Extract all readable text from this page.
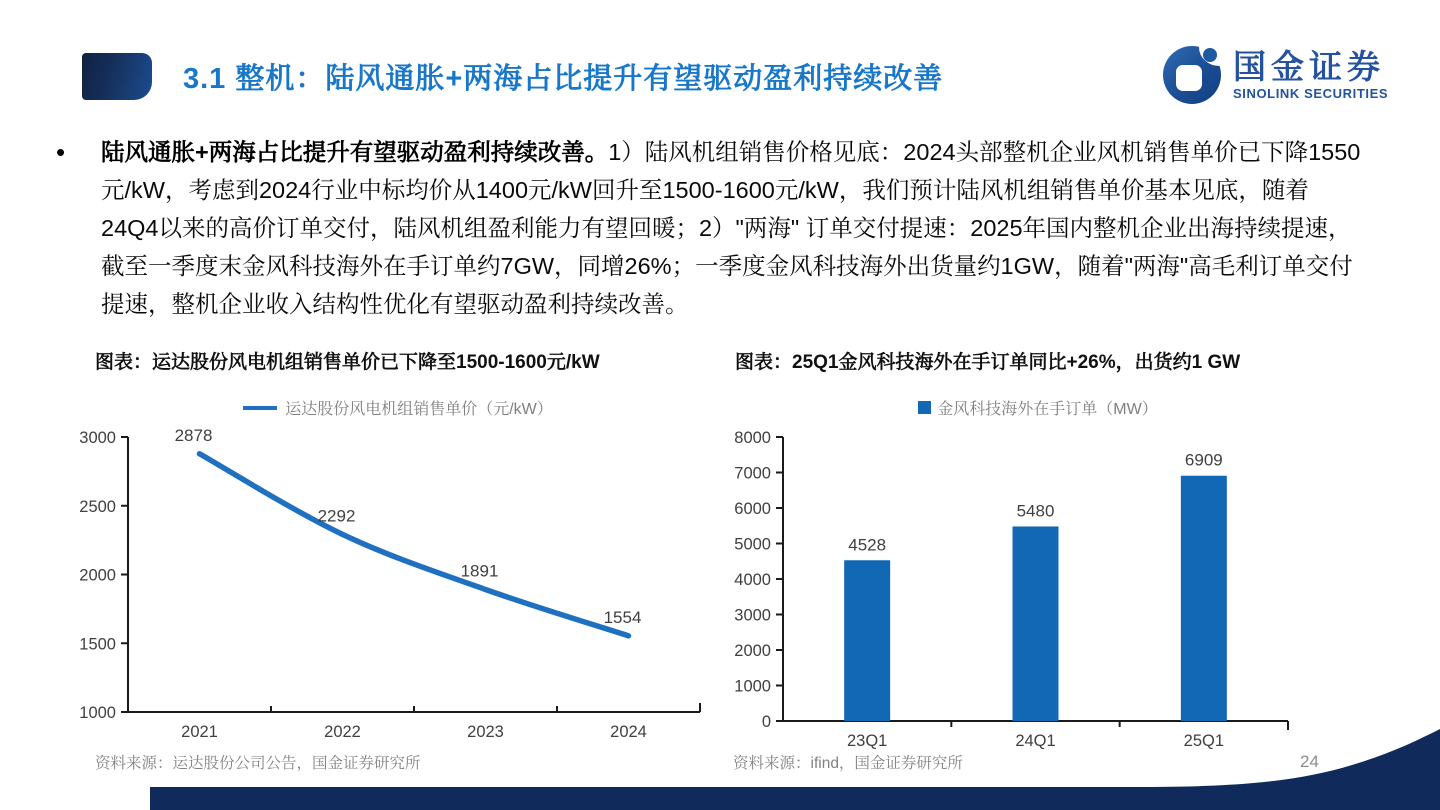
3.1 整机：陆风通胀+两海占比提升有望驱动盈利持续改善	国金证券
SINOLINK SECURITIES
•	陆风通胀+两海占比提升有望驱动盈利持续改善。1）陆风机组销售价格见底：2024头部整机企业风机销售单价已下降1550元/kW，考虑到2024行业中标均价从1400元/kW回升至1500-1600元/kW，我们预计陆风机组销售单价基本见底，随着24Q4以来的高价订单交付，陆风机组盈利能力有望回暖；2）"两海" 订单交付提速：2025年国内整机企业出海持续提速，截至一季度末金风科技海外在手订单约7GW，同增26%；一季度金风科技海外出货量约1GW，随着"两海"高毛利订单交付提速，整机企业收入结构性优化有望驱动盈利持续改善。

图表：运达股份风电机组销售单价已下降至1500-1600元/kW
运达股份风电机组销售单价（元/kW）
3000
2500
2000
1500
1000
2021	2022	2023	2024
2878
2292
1891
1554
资料来源：运达股份公司公告，国金证券研究所
图表：25Q1金风科技海外在手订单同比+26%，出货约1 GW
金风科技海外在手订单（MW）
8000
7000
6000
5000
4000
3000
2000
1000
0
4528
23Q1
5480
24Q1
6909
25Q1
资料来源：ifind，国金证券研究所	24
